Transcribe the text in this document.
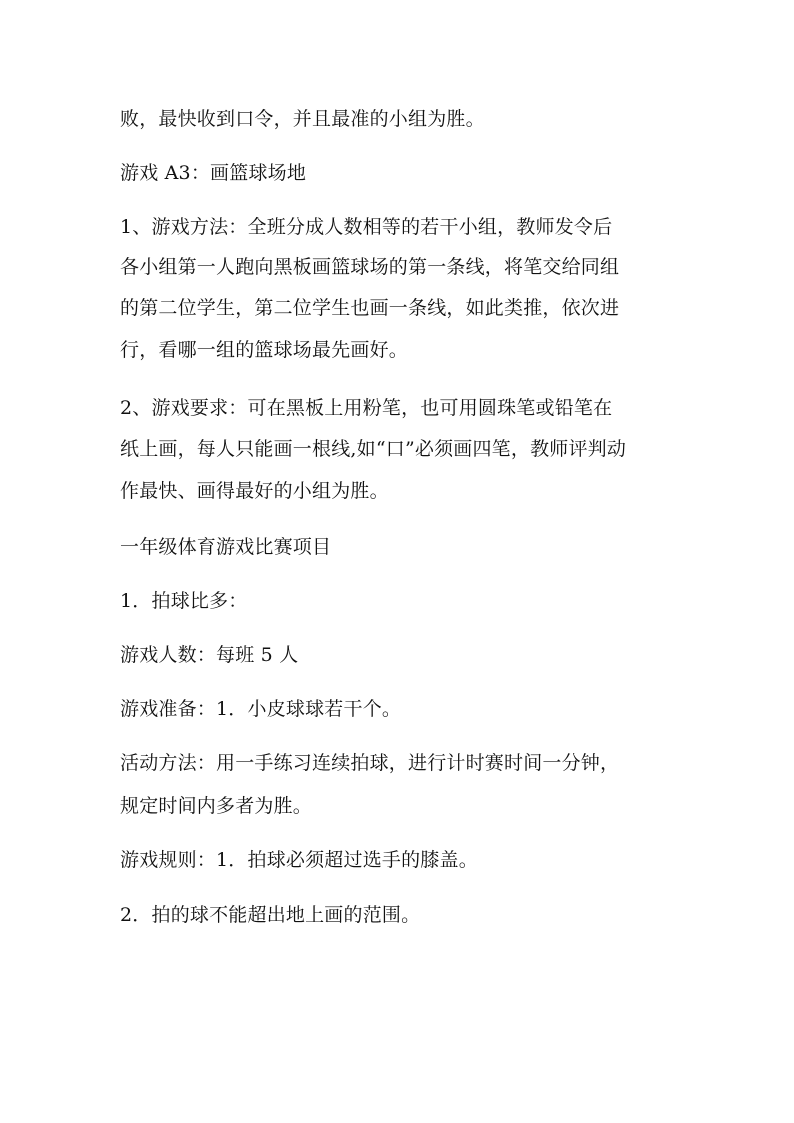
败，最快收到口令，并且最准的小组为胜。
游戏 A3：画篮球场地
1、游戏方法：全班分成人数相等的若干小组，教师发令后
各小组第一人跑向黑板画篮球场的第一条线，将笔交给同组
的第二位学生，第二位学生也画一条线，如此类推，依次进
行，看哪一组的篮球场最先画好。
2、游戏要求：可在黑板上用粉笔，也可用圆珠笔或铅笔在
纸上画，每人只能画一根线,如“口”必须画四笔，教师评判动
作最快、画得最好的小组为胜。
一年级体育游戏比赛项目
1．拍球比多：
游戏人数：每班 5 人
游戏准备：1．小皮球球若干个。
活动方法：用一手练习连续拍球，进行计时赛时间一分钟，
规定时间内多者为胜。
游戏规则：1．拍球必须超过选手的膝盖。
2．拍的球不能超出地上画的范围。
